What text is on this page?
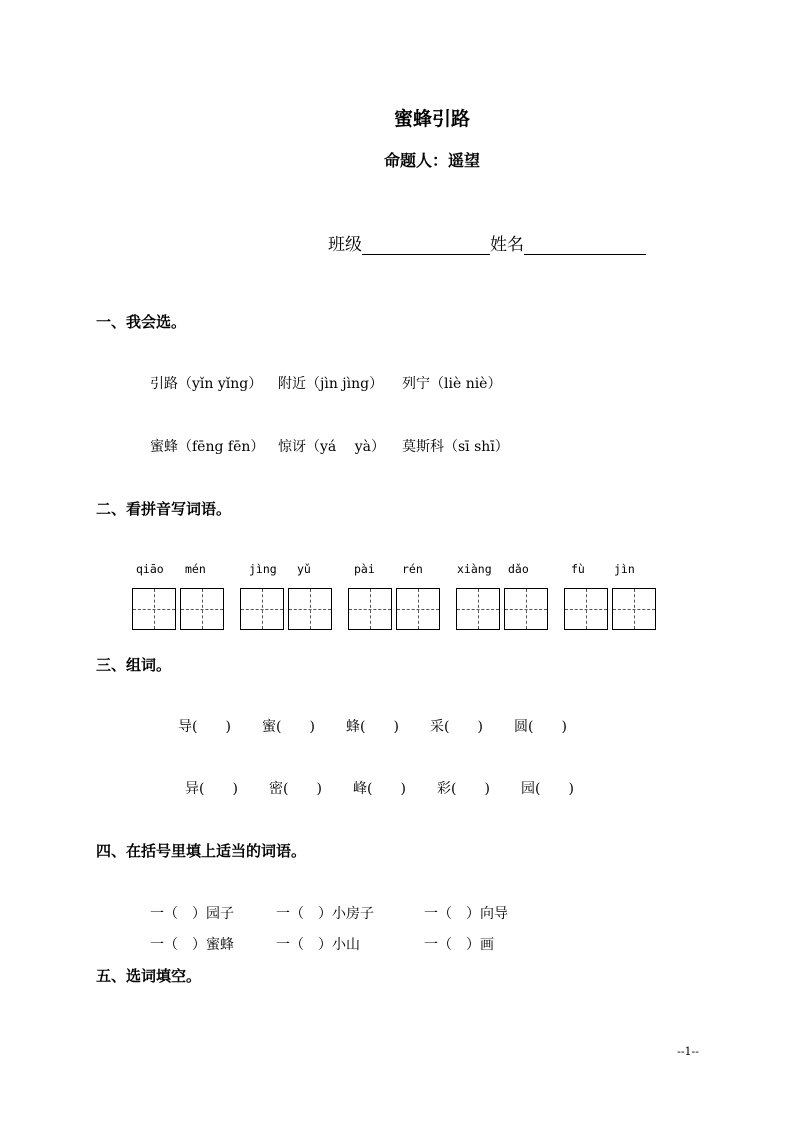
蜜蜂引路
命题人：遥望
班级	姓名
一、我会选。
引路（yǐn yǐng） 附近（jìn jìng） 列宁（liè niè）
蜜蜂（fēng fēn） 惊讶（yá　 yà） 莫斯科（sī shī）
二、看拼音写词语。
qiāo mén	jìng yǔ	pài rén	xiàng dǎo	fù	jìn
三、组词。
导(　　) 蜜(　　) 蜂(　　) 采(　　) 圆(　　)
异(　　) 密(　　) 峰(　　) 彩(　　) 园(　　)
四、在括号里填上适当的词语。
一（　）园子	一（　）小房子	一（　）向导
一（　）蜜蜂	一（　）小山	一（　）画
五、选词填空。
--1--
